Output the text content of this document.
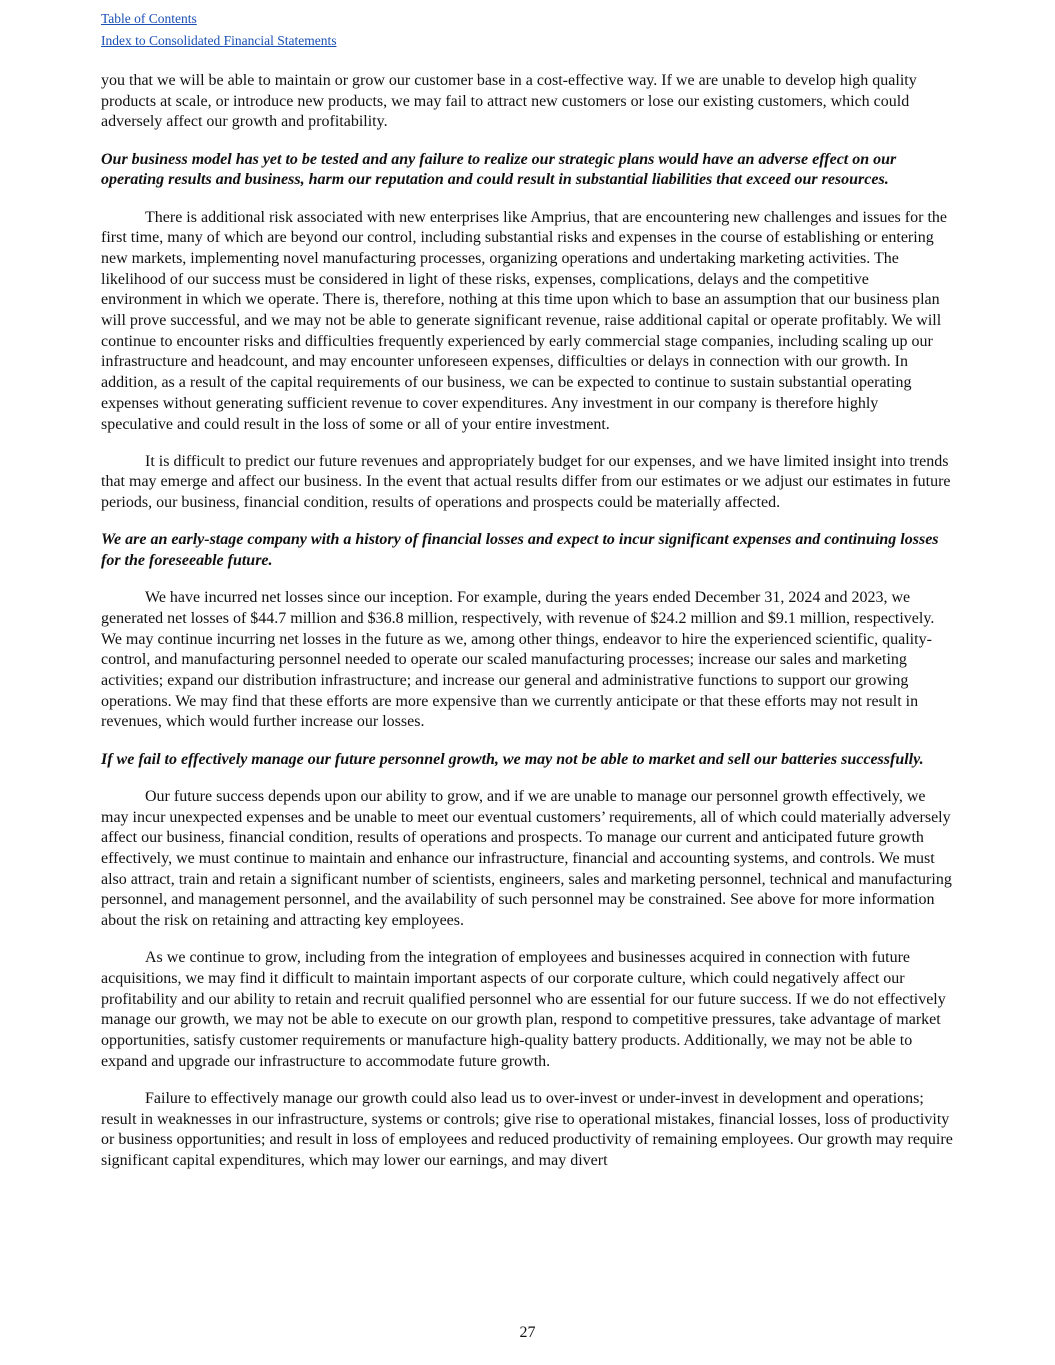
Table of Contents
Index to Consolidated Financial Statements

you that we will be able to maintain or grow our customer base in a cost-effective way. If we are unable to develop high quality products at scale, or introduce new products, we may fail to attract new customers or lose our existing customers, which could adversely affect our growth and profitability.

Our business model has yet to be tested and any failure to realize our strategic plans would have an adverse effect on our operating results and business, harm our reputation and could result in substantial liabilities that exceed our resources.

There is additional risk associated with new enterprises like Amprius, that are encountering new challenges and issues for the first time, many of which are beyond our control, including substantial risks and expenses in the course of establishing or entering new markets, implementing novel manufacturing processes, organizing operations and undertaking marketing activities. The likelihood of our success must be considered in light of these risks, expenses, complications, delays and the competitive environment in which we operate. There is, therefore, nothing at this time upon which to base an assumption that our business plan will prove successful, and we may not be able to generate significant revenue, raise additional capital or operate profitably. We will continue to encounter risks and difficulties frequently experienced by early commercial stage companies, including scaling up our infrastructure and headcount, and may encounter unforeseen expenses, difficulties or delays in connection with our growth. In addition, as a result of the capital requirements of our business, we can be expected to continue to sustain substantial operating expenses without generating sufficient revenue to cover expenditures. Any investment in our company is therefore highly speculative and could result in the loss of some or all of your entire investment.

It is difficult to predict our future revenues and appropriately budget for our expenses, and we have limited insight into trends that may emerge and affect our business. In the event that actual results differ from our estimates or we adjust our estimates in future periods, our business, financial condition, results of operations and prospects could be materially affected.

We are an early-stage company with a history of financial losses and expect to incur significant expenses and continuing losses for the foreseeable future.

We have incurred net losses since our inception. For example, during the years ended December 31, 2024 and 2023, we generated net losses of $44.7 million and $36.8 million, respectively, with revenue of $24.2 million and $9.1 million, respectively. We may continue incurring net losses in the future as we, among other things, endeavor to hire the experienced scientific, quality-control, and manufacturing personnel needed to operate our scaled manufacturing processes; increase our sales and marketing activities; expand our distribution infrastructure; and increase our general and administrative functions to support our growing operations. We may find that these efforts are more expensive than we currently anticipate or that these efforts may not result in revenues, which would further increase our losses.

If we fail to effectively manage our future personnel growth, we may not be able to market and sell our batteries successfully.

Our future success depends upon our ability to grow, and if we are unable to manage our personnel growth effectively, we may incur unexpected expenses and be unable to meet our eventual customers’ requirements, all of which could materially adversely affect our business, financial condition, results of operations and prospects. To manage our current and anticipated future growth effectively, we must continue to maintain and enhance our infrastructure, financial and accounting systems, and controls. We must also attract, train and retain a significant number of scientists, engineers, sales and marketing personnel, technical and manufacturing personnel, and management personnel, and the availability of such personnel may be constrained. See above for more information about the risk on retaining and attracting key employees.

As we continue to grow, including from the integration of employees and businesses acquired in connection with future acquisitions, we may find it difficult to maintain important aspects of our corporate culture, which could negatively affect our profitability and our ability to retain and recruit qualified personnel who are essential for our future success. If we do not effectively manage our growth, we may not be able to execute on our growth plan, respond to competitive pressures, take advantage of market opportunities, satisfy customer requirements or manufacture high-quality battery products. Additionally, we may not be able to expand and upgrade our infrastructure to accommodate future growth.

Failure to effectively manage our growth could also lead us to over-invest or under-invest in development and operations; result in weaknesses in our infrastructure, systems or controls; give rise to operational mistakes, financial losses, loss of productivity or business opportunities; and result in loss of employees and reduced productivity of remaining employees. Our growth may require significant capital expenditures, which may lower our earnings, and may divert

27
